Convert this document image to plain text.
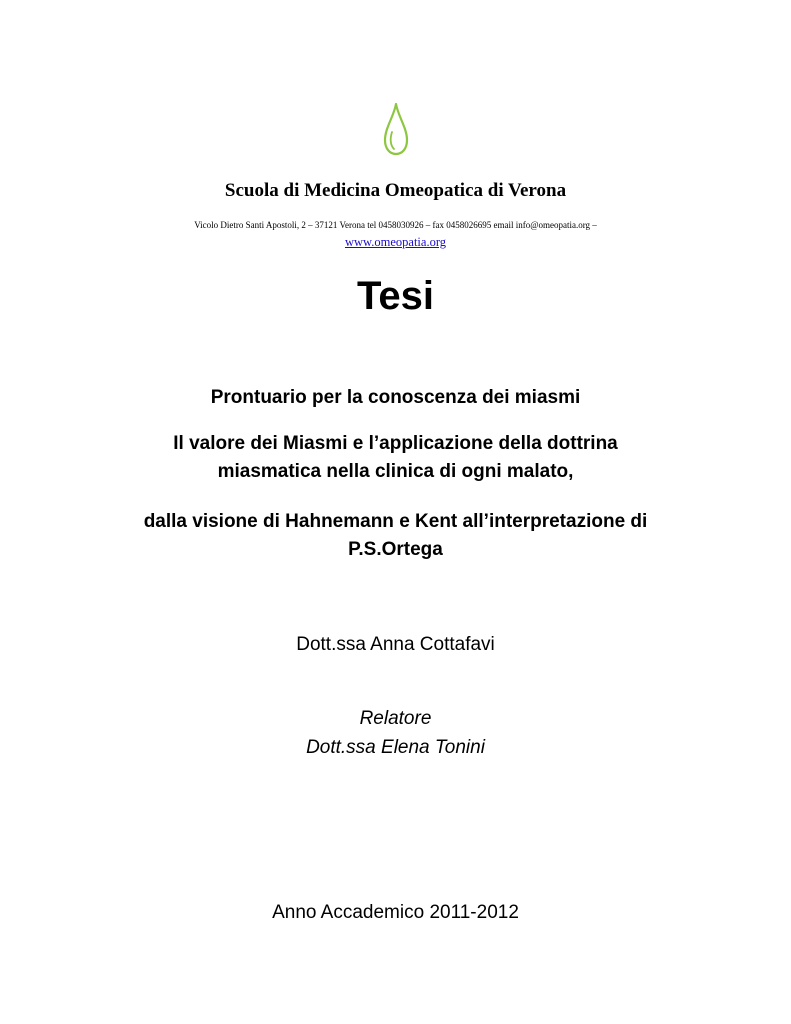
Scuola di Medicina Omeopatica di Verona
Vicolo Dietro Santi Apostoli, 2 – 37121 Verona tel 0458030926 – fax 0458026695 email info@omeopatia.org –
www.omeopatia.org
Tesi
Prontuario per la conoscenza dei miasmi
Il valore dei Miasmi e l’applicazione della dottrina
miasmatica nella clinica di ogni malato,
dalla visione di Hahnemann e Kent all’interpretazione di
P.S.Ortega
Dott.ssa Anna Cottafavi
Relatore
Dott.ssa Elena Tonini
Anno Accademico 2011-2012
